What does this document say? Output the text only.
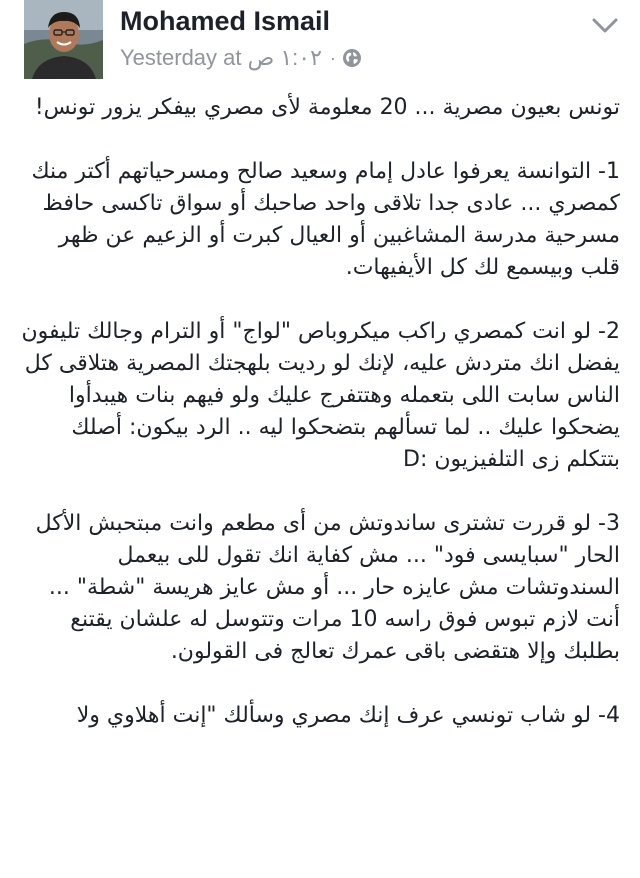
Mohamed Ismail
Yesterday at ١:٠٢ ص ·

تونس بعيون مصرية ... 20 معلومة لأى مصري بيفكر يزور تونس!

1- التوانسة يعرفوا عادل إمام وسعيد صالح ومسرحياتهم أكتر منك كمصري ... عادى جدا تلاقى واحد صاحبك أو سواق تاكسى حافظ مسرحية مدرسة المشاغبين أو العيال كبرت أو الزعيم عن ظهر قلب وبيسمع لك كل الأيفيهات.

2- لو انت كمصري راكب ميكروباص "لواج" أو الترام وجالك تليفون يفضل انك متردش عليه، لإنك لو رديت بلهجتك المصرية هتلاقى كل الناس سابت اللى بتعمله وهتتفرج عليك ولو فيهم بنات هيبدأوا يضحكوا عليك .. لما تسألهم بتضحكوا ليه .. الرد بيكون: أصلك بتتكلم زى التلفيزيون :D

3- لو قررت تشترى ساندوتش من أى مطعم وانت مبتحبش الأكل الحار "سبايسى فود" ... مش كفاية انك تقول للى بيعمل السندوتشات مش عايزه حار ... أو مش عايز هريسة "شطة" ... أنت لازم تبوس فوق راسه 10 مرات وتتوسل له علشان يقتنع بطلبك وإلا هتقضى باقى عمرك تعالج فى القولون.

4- لو شاب تونسي عرف إنك مصري وسألك "إنت أهلاوي ولا
